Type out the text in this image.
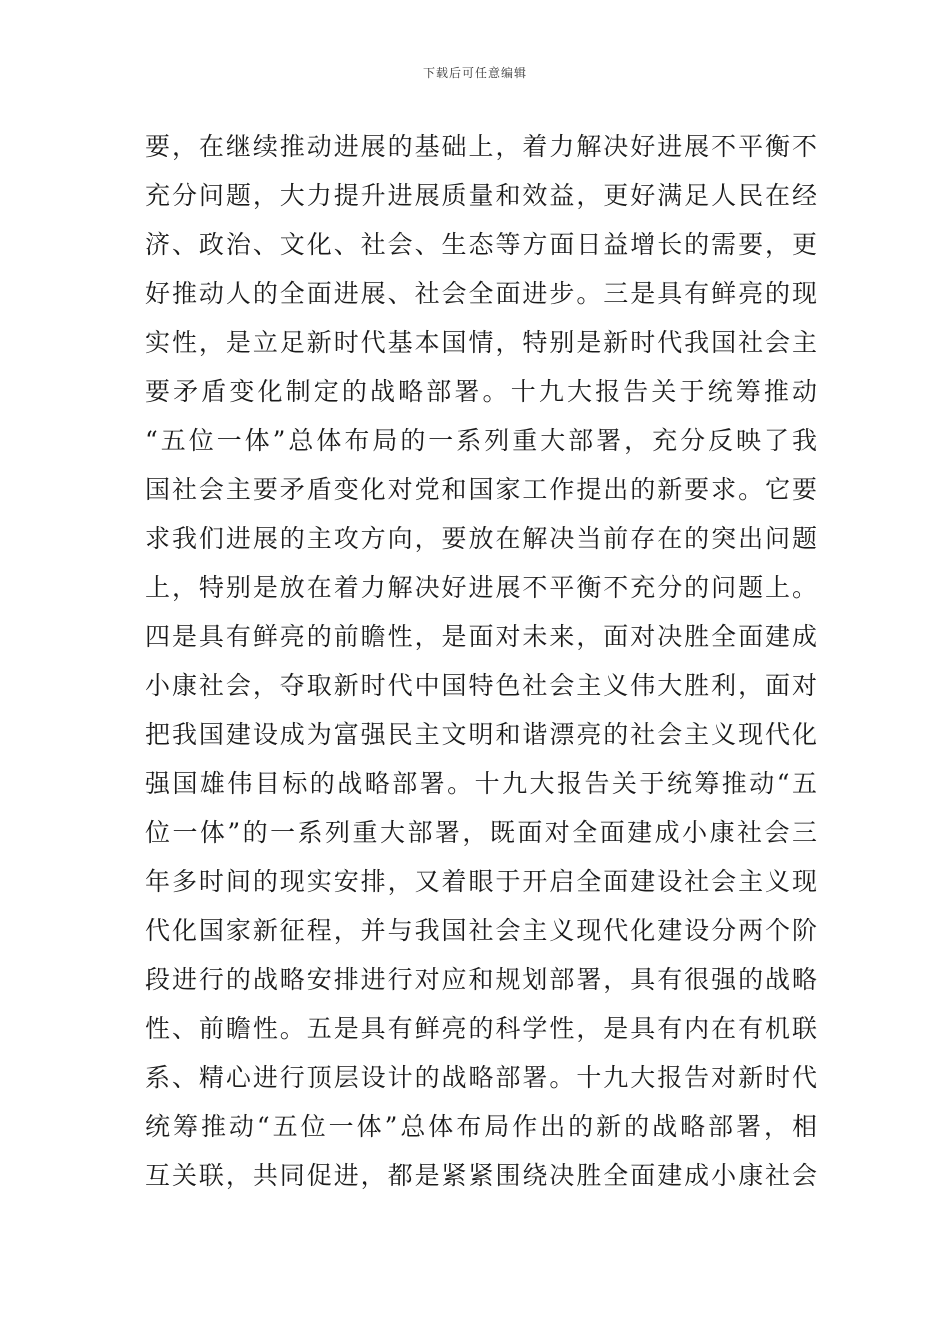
下载后可任意编辑
要，在继续推动进展的基础上，着力解决好进展不平衡不
充分问题，大力提升进展质量和效益，更好满足人民在经
济、政治、文化、社会、生态等方面日益增长的需要，更
好推动人的全面进展、社会全面进步。三是具有鲜亮的现
实性，是立足新时代基本国情，特别是新时代我国社会主
要矛盾变化制定的战略部署。十九大报告关于统筹推动
“五位一体”总体布局的一系列重大部署，充分反映了我
国社会主要矛盾变化对党和国家工作提出的新要求。它要
求我们进展的主攻方向，要放在解决当前存在的突出问题
上，特别是放在着力解决好进展不平衡不充分的问题上。
四是具有鲜亮的前瞻性，是面对未来，面对决胜全面建成
小康社会，夺取新时代中国特色社会主义伟大胜利，面对
把我国建设成为富强民主文明和谐漂亮的社会主义现代化
强国雄伟目标的战略部署。十九大报告关于统筹推动“五
位一体”的一系列重大部署，既面对全面建成小康社会三
年多时间的现实安排，又着眼于开启全面建设社会主义现
代化国家新征程，并与我国社会主义现代化建设分两个阶
段进行的战略安排进行对应和规划部署，具有很强的战略
性、前瞻性。五是具有鲜亮的科学性，是具有内在有机联
系、精心进行顶层设计的战略部署。十九大报告对新时代
统筹推动“五位一体”总体布局作出的新的战略部署，相
互关联，共同促进，都是紧紧围绕决胜全面建成小康社会
